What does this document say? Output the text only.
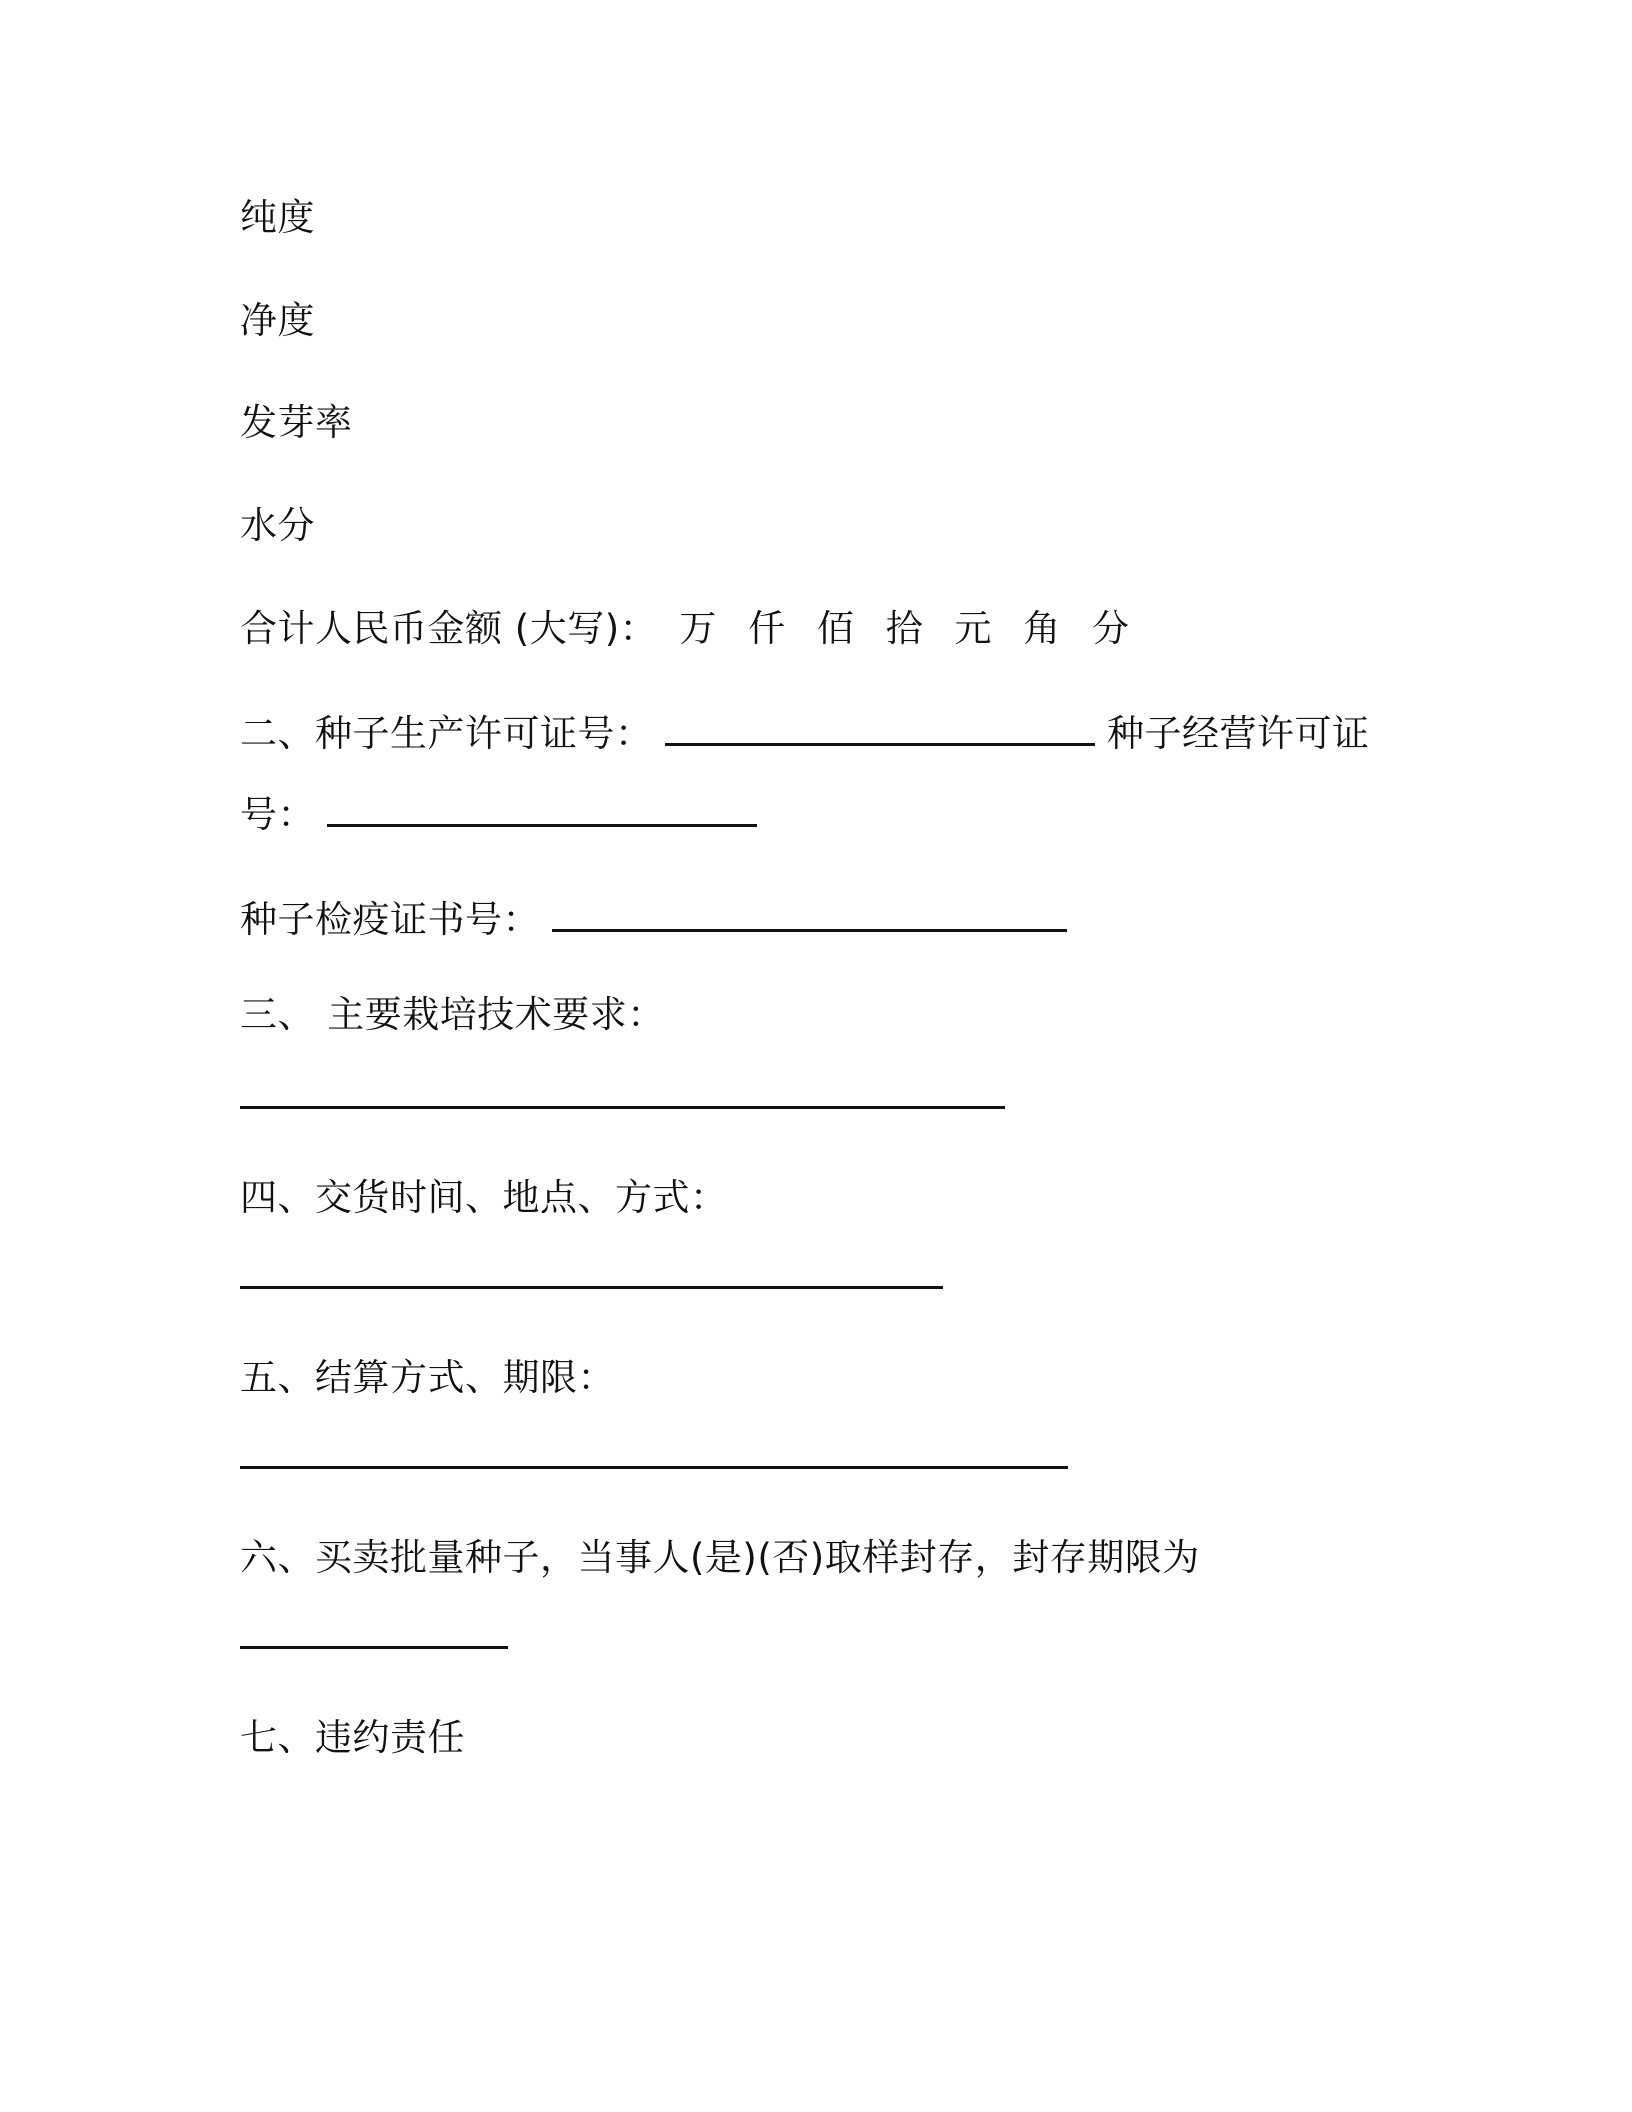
纯度
净度
发芽率
水分
合计人民币金额 (大写)： 万 仟 佰 拾 元 角 分
二、种子生产许可证号：	种子经营许可证
号：
种子检疫证书号：
三、 主要栽培技术要求：
四、交货时间、地点、方式：
五、结算方式、期限：
六、买卖批量种子，当事人(是)(否)取样封存，封存期限为
七、违约责任
